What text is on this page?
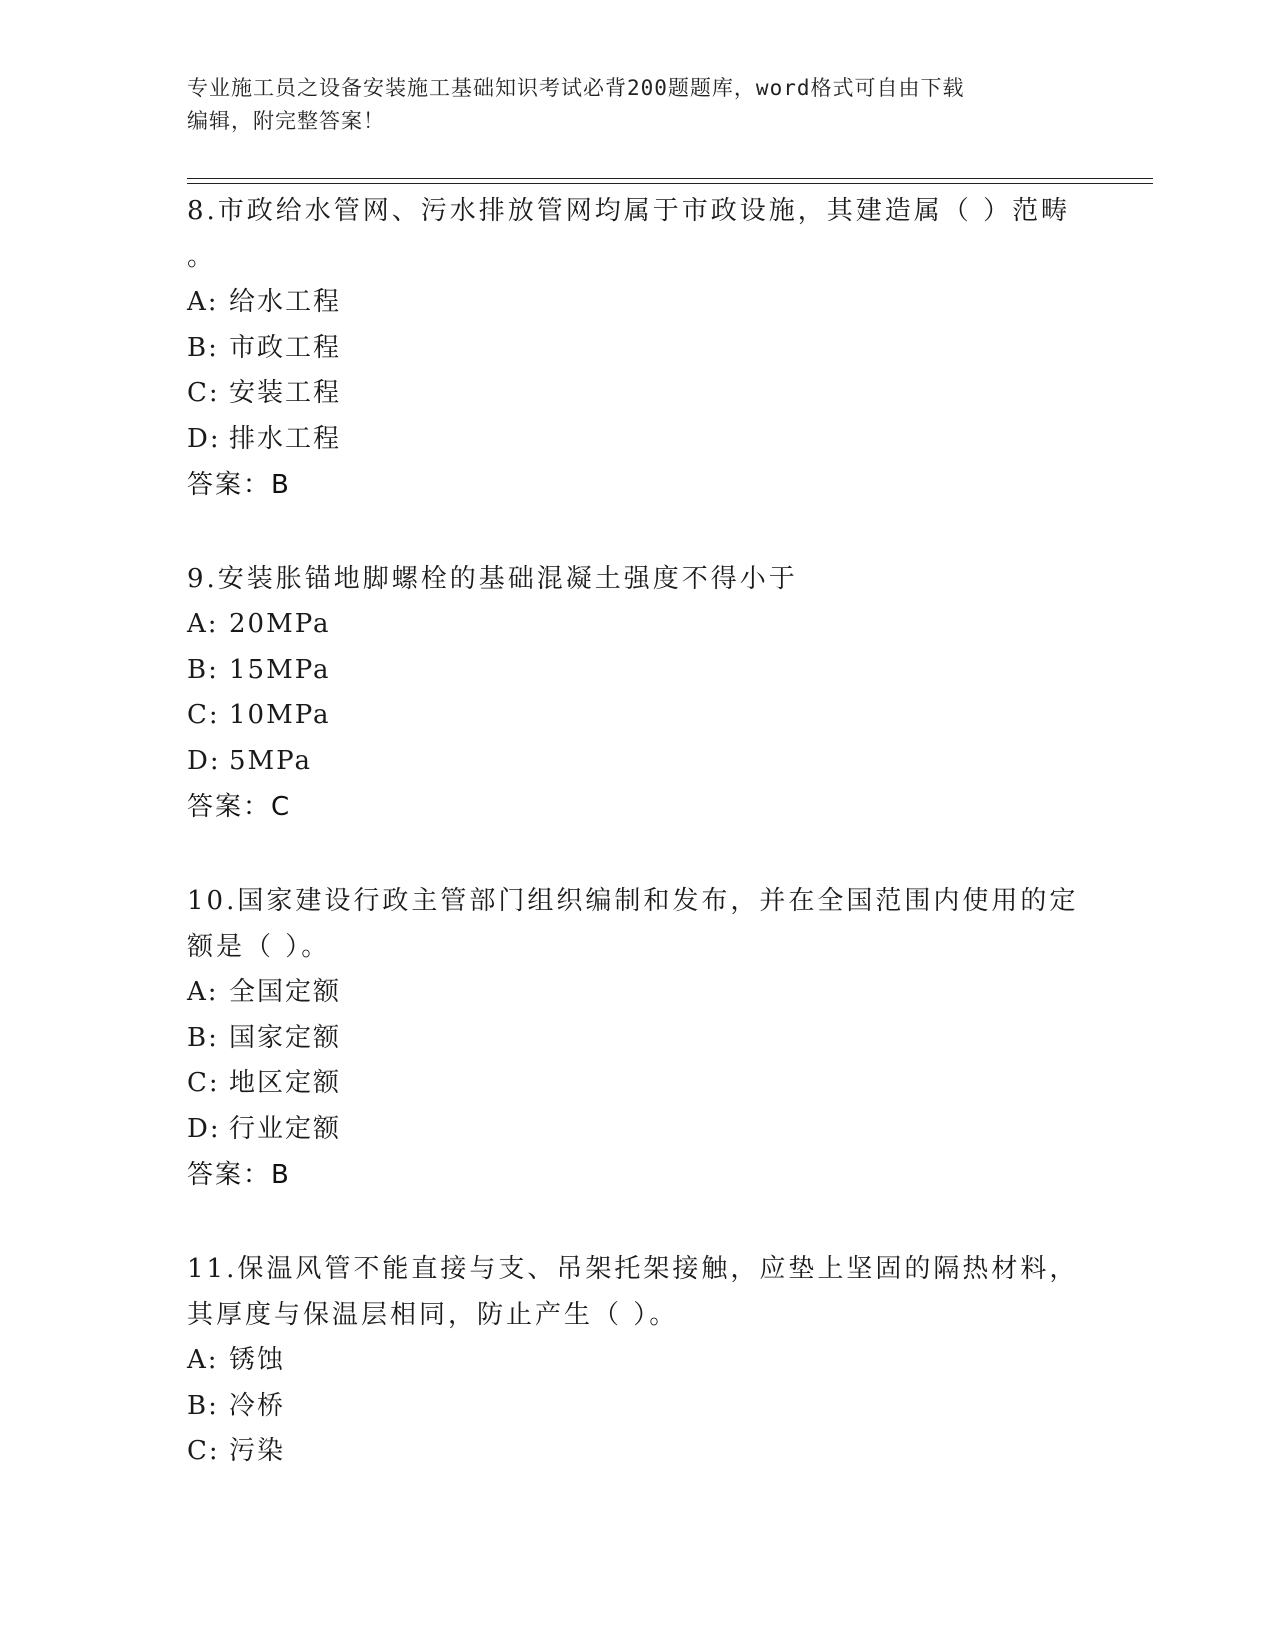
专业施工员之设备安装施工基础知识考试必背200题题库，word格式可自由下载
编辑，附完整答案！
8.市政给水管网、污水排放管网均属于市政设施，其建造属（ ）范畴
。
A: 给水工程
B: 市政工程
C: 安装工程
D: 排水工程
答案：B
9.安装胀锚地脚螺栓的基础混凝土强度不得小于
A: 20MPa
B: 15MPa
C: 10MPa
D: 5MPa
答案：C
10.国家建设行政主管部门组织编制和发布，并在全国范围内使用的定
额是（ ）。
A: 全国定额
B: 国家定额
C: 地区定额
D: 行业定额
答案：B
11.保温风管不能直接与支、吊架托架接触，应垫上坚固的隔热材料，
其厚度与保温层相同，防止产生（ ）。
A: 锈蚀
B: 冷桥
C: 污染
